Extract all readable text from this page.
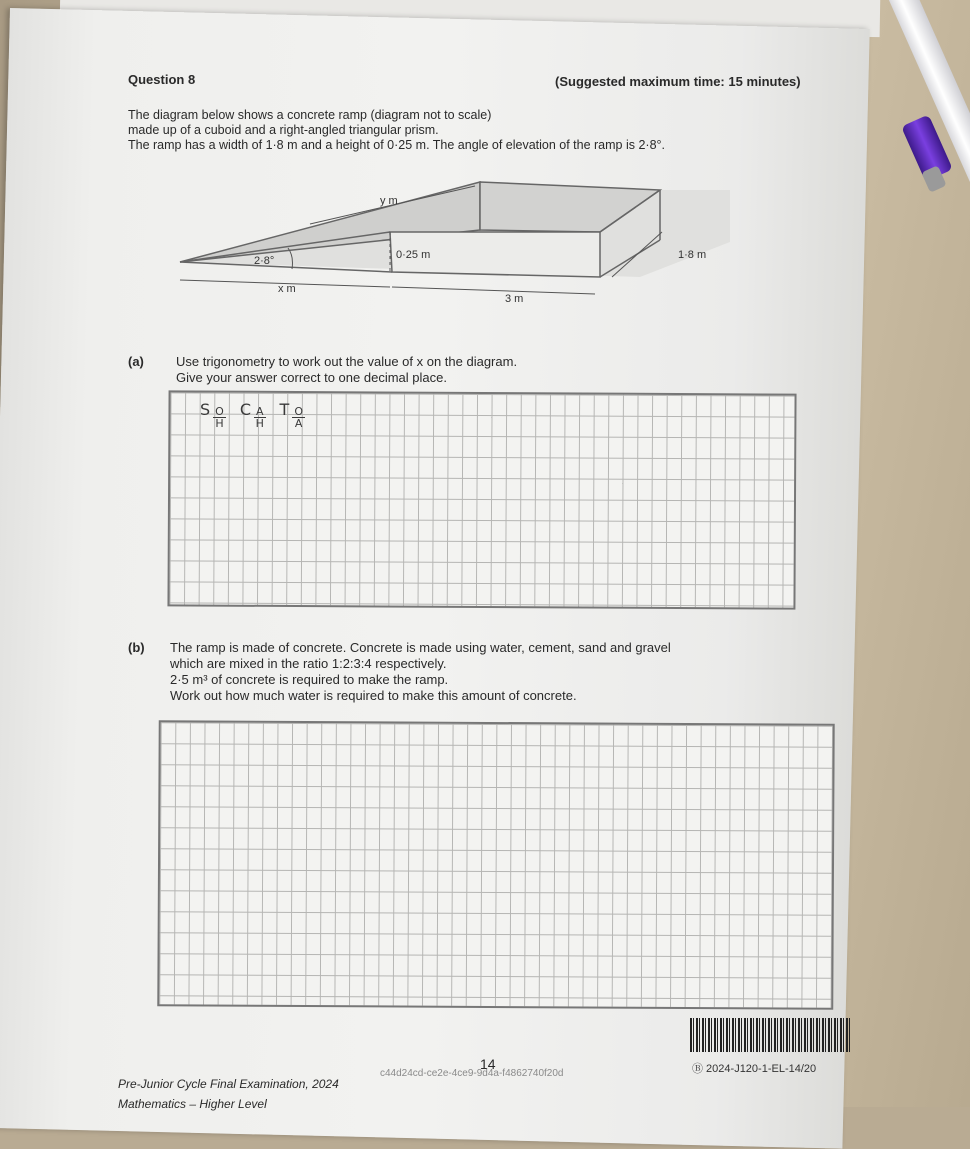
Question 8	(Suggested maximum time: 15 minutes)
The diagram below shows a concrete ramp (diagram not to scale)
made up of a cuboid and a right-angled triangular prism.
The ramp has a width of 1·8 m and a height of 0·25 m. The angle of elevation of the ramp is 2·8°.
y m
2·8°	0·25 m	1·8 m
x m
3 m
(a) Use trigonometry to work out the value of x on the diagram.
Give your answer correct to one decimal place.
S $\frac{O}{H}$ C $\frac{A}{H}$ T $\frac{O}{A}$
(b) The ramp is made of concrete. Concrete is made using water, cement, sand and gravel
which are mixed in the ratio 1:2:3:4 respectively.
2·5 m³ of concrete is required to make the ramp.
Work out how much water is required to make this amount of concrete.
Ⓑ 2024-J120-1-EL-14/20
14
c44d24cd-ce2e-4ce9-9d4a-f4862740f20d
Pre-Junior Cycle Final Examination, 2024
Mathematics – Higher Level
